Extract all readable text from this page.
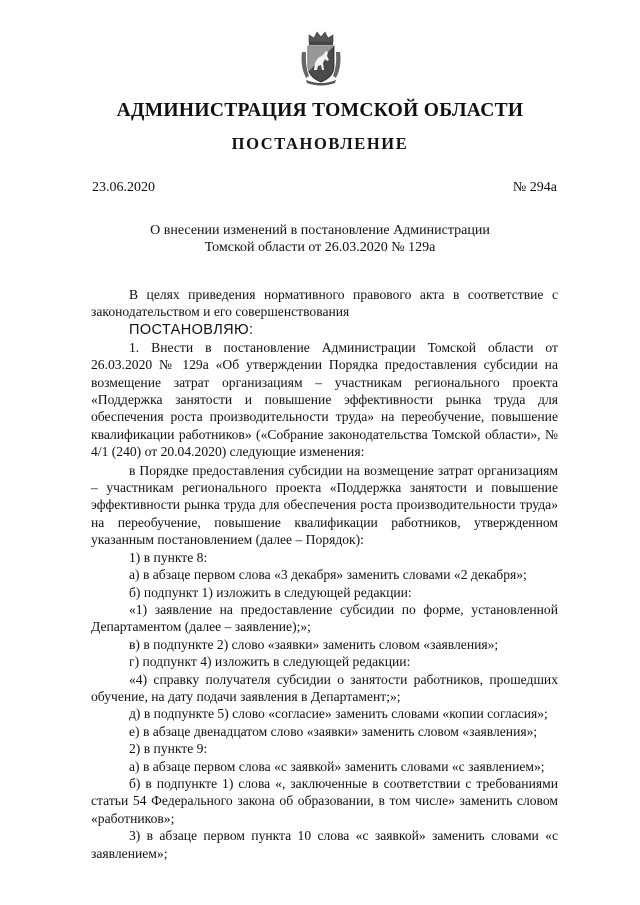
АДМИНИСТРАЦИЯ ТОМСКОЙ ОБЛАСТИ
ПОСТАНОВЛЕНИЕ
23.06.2020	№ 294а
О внесении изменений в постановление Администрации
Томской области от 26.03.2020 № 129а

В целях приведения нормативного правового акта в соответствие с законодательством и его совершенствования

ПОСТАНОВЛЯЮ:

1. Внести в постановление Администрации Томской области от 26.03.2020 № 129а «Об утверждении Порядка предоставления субсидии на возмещение затрат организациям – участникам регионального проекта «Поддержка занятости и повышение эффективности рынка труда для обеспечения роста производительности труда» на переобучение, повышение квалификации работников» («Собрание законодательства Томской области», № 4/1 (240) от 20.04.2020) следующие изменения:

в Порядке предоставления субсидии на возмещение затрат организациям – участникам регионального проекта «Поддержка занятости и повышение эффективности рынка труда для обеспечения роста производительности труда» на переобучение, повышение квалификации работников, утвержденном указанным постановлением (далее – Порядок):

1) в пункте 8:

а) в абзаце первом слова «3 декабря» заменить словами «2 декабря»;

б) подпункт 1) изложить в следующей редакции:

«1) заявление на предоставление субсидии по форме, установленной Департаментом (далее – заявление);»;

в) в подпункте 2) слово «заявки» заменить словом «заявления»;

г) подпункт 4) изложить в следующей редакции:

«4) справку получателя субсидии о занятости работников, прошедших обучение, на дату подачи заявления в Департамент;»;

д) в подпункте 5) слово «согласие» заменить словами «копии согласия»;

е) в абзаце двенадцатом слово «заявки» заменить словом «заявления»;

2) в пункте 9:

а) в абзаце первом слова «с заявкой» заменить словами «с заявлением»;

б) в подпункте 1) слова «, заключенные в соответствии с требованиями статьи 54 Федерального закона об образовании, в том числе» заменить словом «работников»;

3) в абзаце первом пункта 10 слова «с заявкой» заменить словами «с заявлением»;
